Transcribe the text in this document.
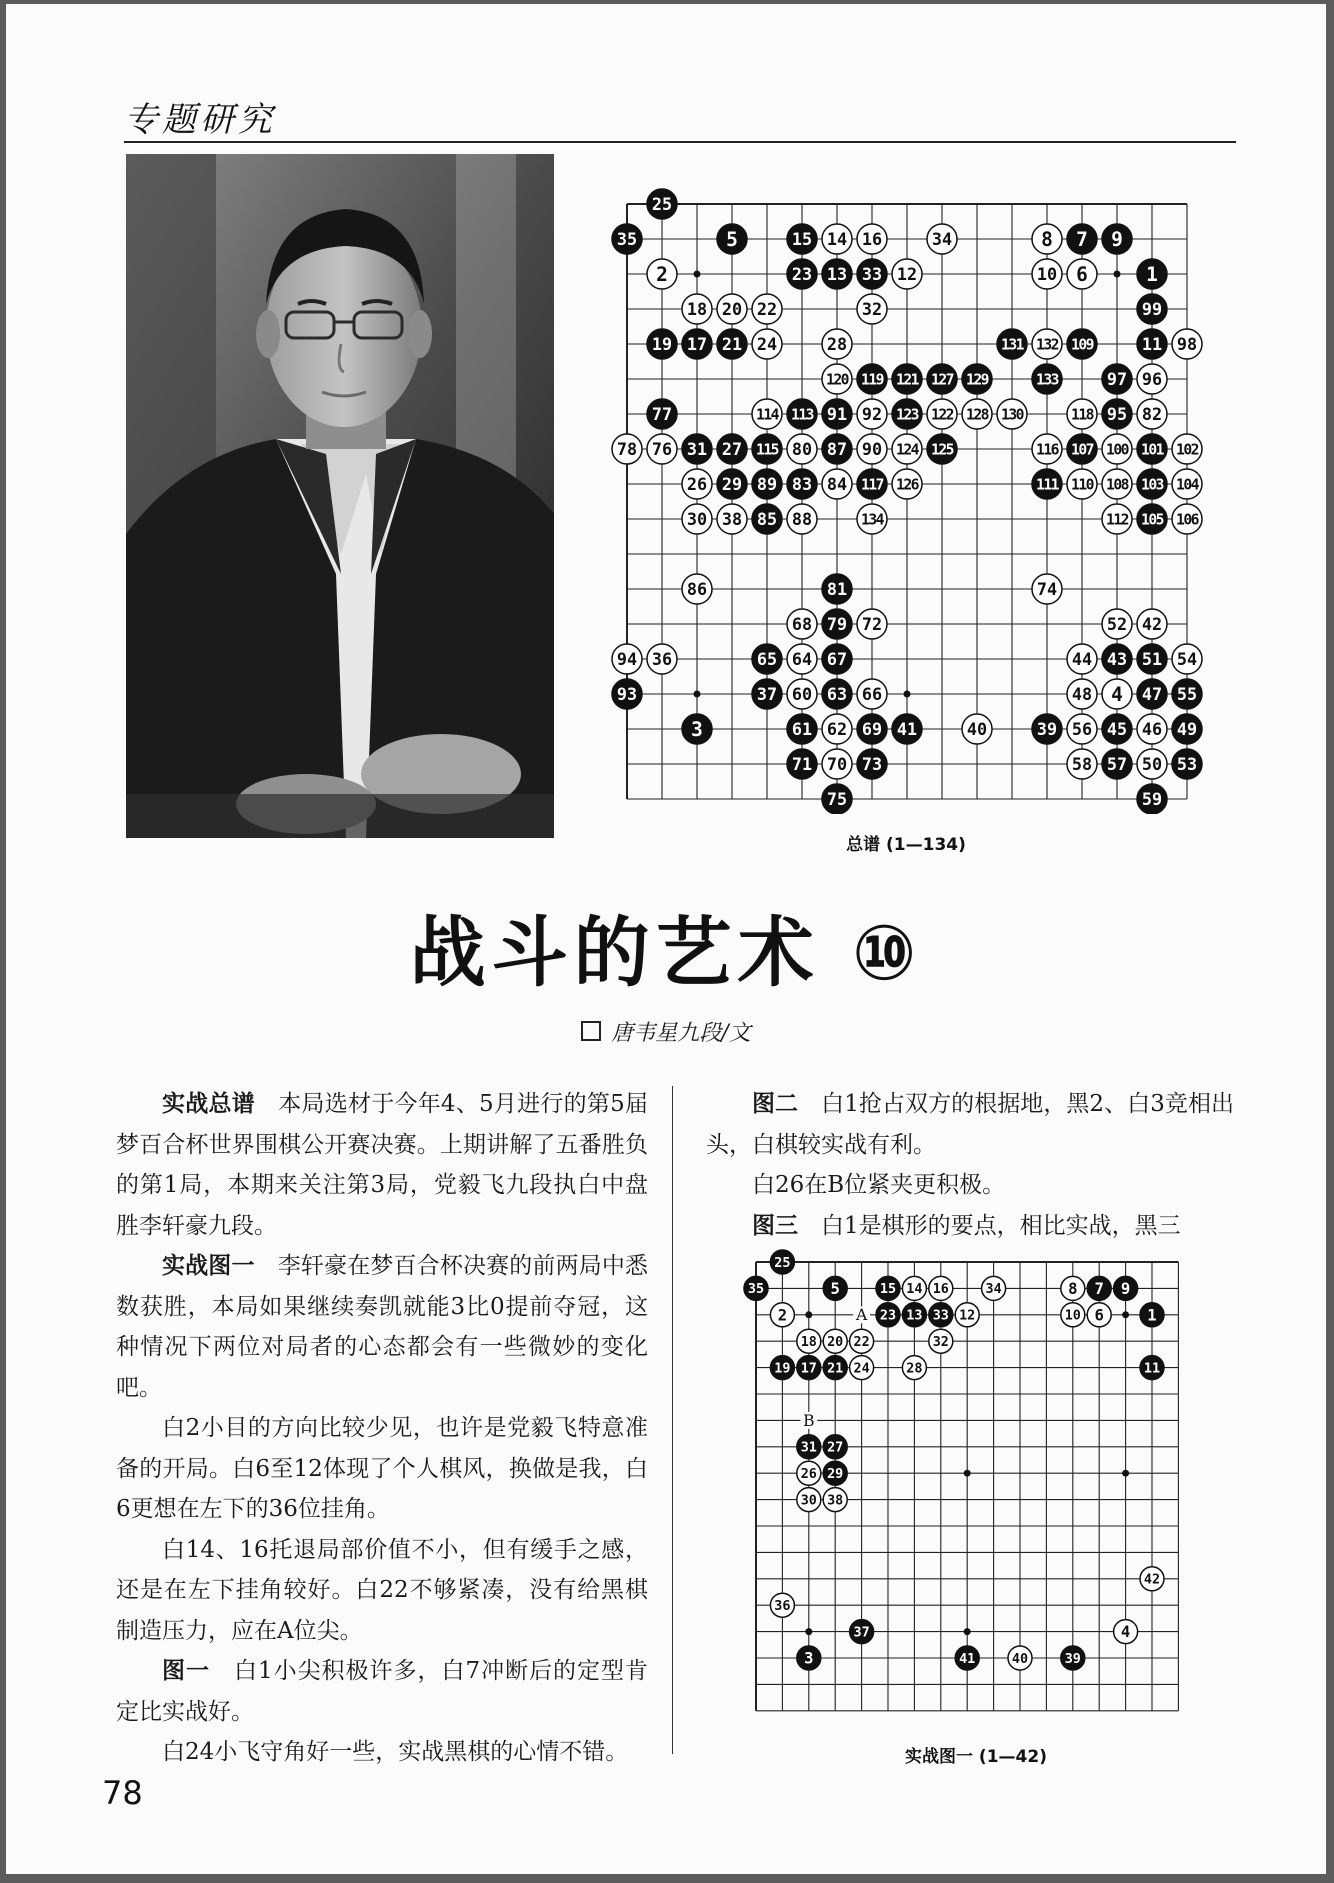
专题研究
25
35	5	15 14 16	34	8 7 9
2	23 13 33 12	10 6	1
18 20 22	32	99
19 17 21 24	28	131 132 109	11 98
120 119 121 127 129	133	97 96
77	114 113 91 92 123 122 128 130	118 95 82
78 76 31 27 115 80 87 90 124 125	116 107 100 101 102
26 29 89 83 84 117 126	111 110 108 103 104
30 38 85 88	134	112 105 106
86	81	74
68 79 72	52 42
94 36	65 64 67	44 43 51 54
93	37 60 63 66	48 4 47 55
3	61 62 69 41	40	39 56 45 46 49
71 70 73	58 57 50 53
75	59
总谱 (1—134)
战斗的艺术 ⑩
唐韦星九段/文

实战总谱　 本局选材于今年4、5月进行的第5届梦百合杯世界围棋公开赛决赛。上期讲解了五番胜负的第1局，本期来关注第3局，党毅飞九段执白中盘胜李轩豪九段。

实战图一　 李轩豪在梦百合杯决赛的前两局中悉数获胜，本局如果继续奏凯就能3比0提前夺冠，这种情况下两位对局者的心态都会有一些微妙的变化吧。

白2小目的方向比较少见，也许是党毅飞特意准备的开局。白6至12体现了个人棋风，换做是我，白6更想在左下的36位挂角。

白14、16托退局部价值不小，但有缓手之感，还是在左下挂角较好。白22不够紧凑，没有给黑棋制造压力，应在A位尖。

图一　 白1小尖积极许多，白7冲断后的定型肯定比实战好。

白24小飞守角好一些，实战黑棋的心情不错。

图二　 白1抢占双方的根据地，黑2、白3竞相出头，白棋较实战有利。

白26在B位紧夹更积极。

图三　 白1是棋形的要点，相比实战，黑三

A
B
25
35	5	15 14 16	34	8 7 9
2	23 13 33 12	10 6	1
18 20 22	32
19 17 21 24	28	11
31 27
26 29
30 38
42
36
37	4
3	41	40	39
实战图一 (1—42)
78
